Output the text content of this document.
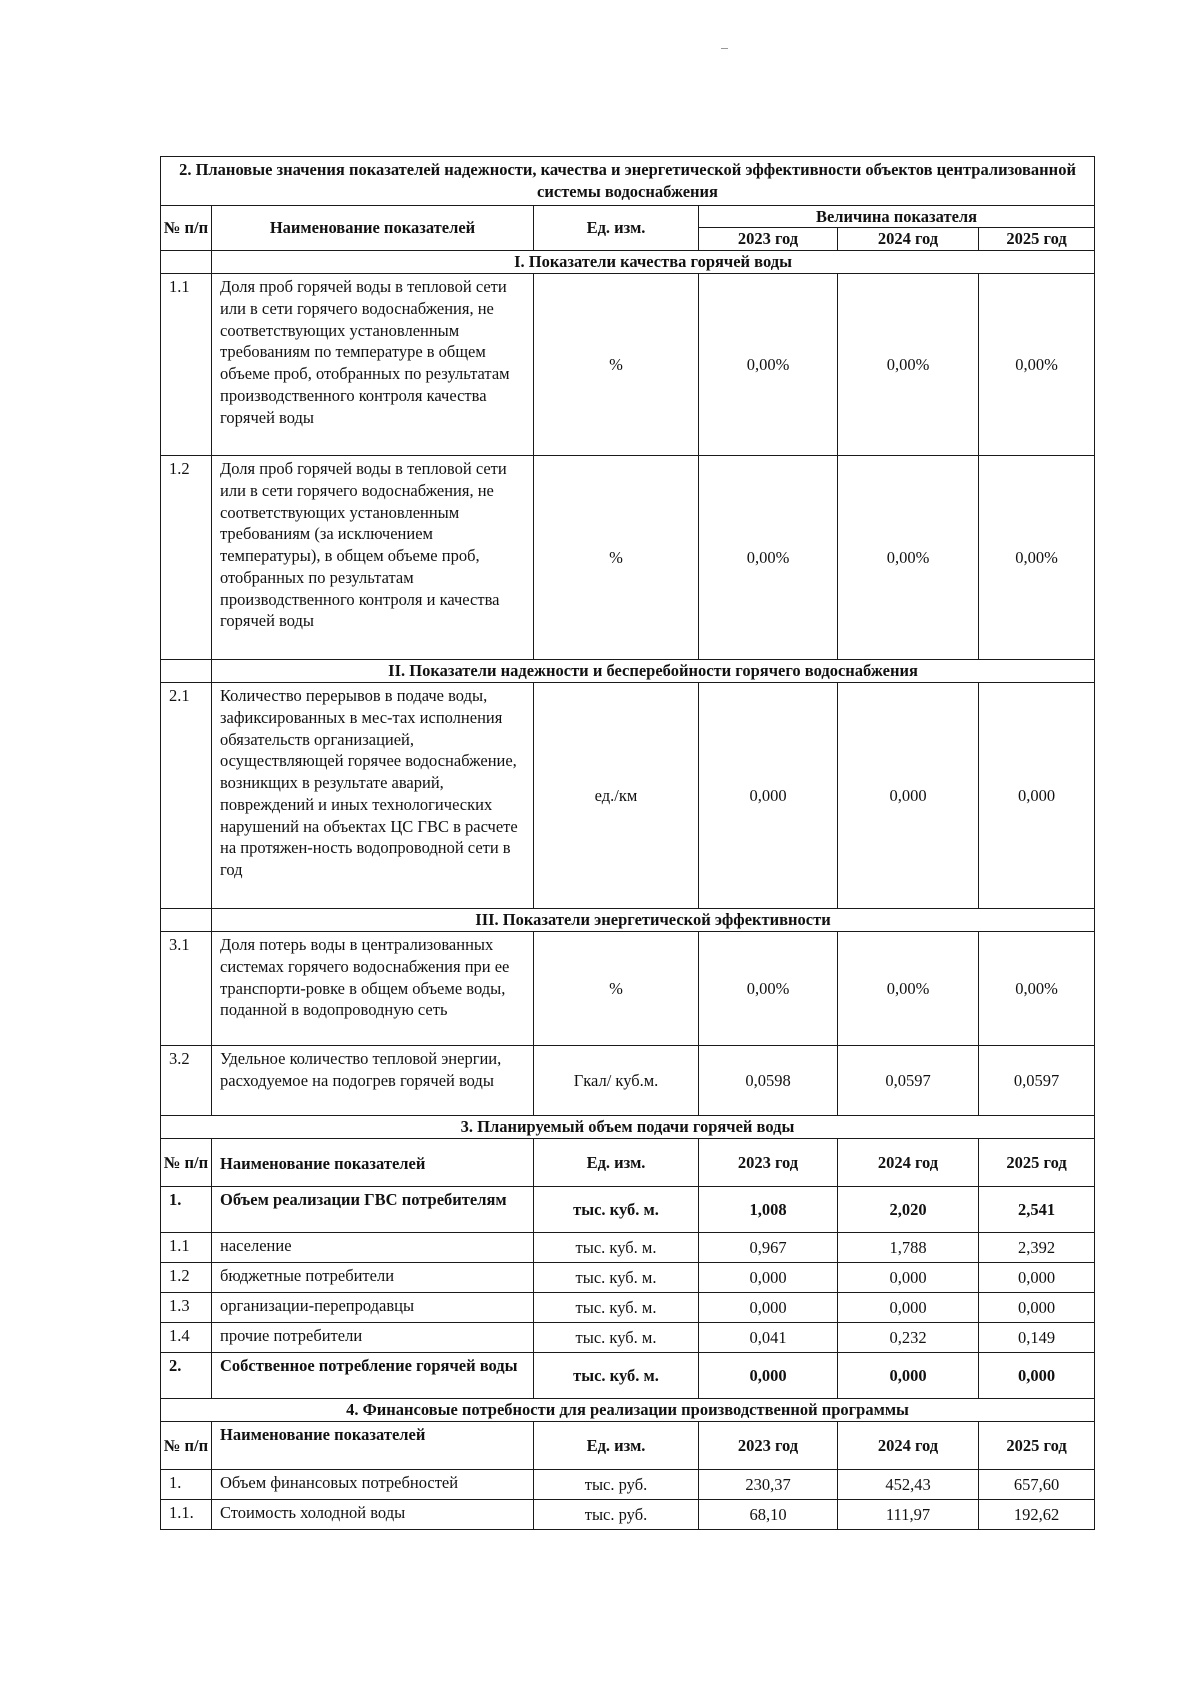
2. Плановые значения показателей надежности, качества и энергетической эффективности объектов централизованной системы водоснабжения					
№ п/п	Наименование показателей	Ед. изм.	Величина показателя		
			2023 год	2024 год	2025 год
	I. Показатели качества горячей воды				
1.1	Доля проб горячей воды в тепловой сети или в сети горячего водоснабжения, не соответствующих установленным требованиям по температуре в общем объеме проб, отобранных по результатам производственного контроля качества горячей воды	%	0,00%	0,00%	0,00%
1.2	Доля проб горячей воды в тепловой сети или в сети горячего водоснабжения, не соответствующих установленным требованиям (за исключением температуры), в общем объеме проб, отобранных по результатам производственного контроля и качества горячей воды	%	0,00%	0,00%	0,00%
	II. Показатели надежности и бесперебойности горячего водоснабжения				
2.1	Количество перерывов в подаче воды, зафиксированных в мес-тах исполнения обязательств организацией, осуществляющей горячее водоснабжение, возникщих в результате аварий, повреждений и иных технологических нарушений на объектах ЦС ГВС в расчете на протяжен-ность водопроводной сети в год	ед./км	0,000	0,000	0,000
	III. Показатели энергетической эффективности				
3.1	Доля потерь воды в централизованных системах горячего водоснабжения при ее транспорти-ровке в общем объеме воды, поданной в водопроводную сеть	%	0,00%	0,00%	0,00%
3.2	Удельное количество тепловой энергии, расходуемое на подогрев горячей воды	Гкал/ куб.м.	0,0598	0,0597	0,0597
3. Планируемый объем подачи горячей воды					
№ п/п	Наименование показателей	Ед. изм.	2023 год	2024 год	2025 год
1.	Объем реализации ГВС потребителям	тыс. куб. м.	1,008	2,020	2,541
1.1	население	тыс. куб. м.	0,967	1,788	2,392
1.2	бюджетные потребители	тыс. куб. м.	0,000	0,000	0,000
1.3	организации-перепродавцы	тыс. куб. м.	0,000	0,000	0,000
1.4	прочие потребители	тыс. куб. м.	0,041	0,232	0,149
2.	Собственное потребление горячей воды	тыс. куб. м.	0,000	0,000	0,000
4. Финансовые потребности для реализации производственной программы					
№ п/п	Наименование показателей	Ед. изм.	2023 год	2024 год	2025 год
1.	Объем финансовых потребностей	тыс. руб.	230,37	452,43	657,60
1.1.	Стоимость холодной воды	тыс. руб.	68,10	111,97	192,62
